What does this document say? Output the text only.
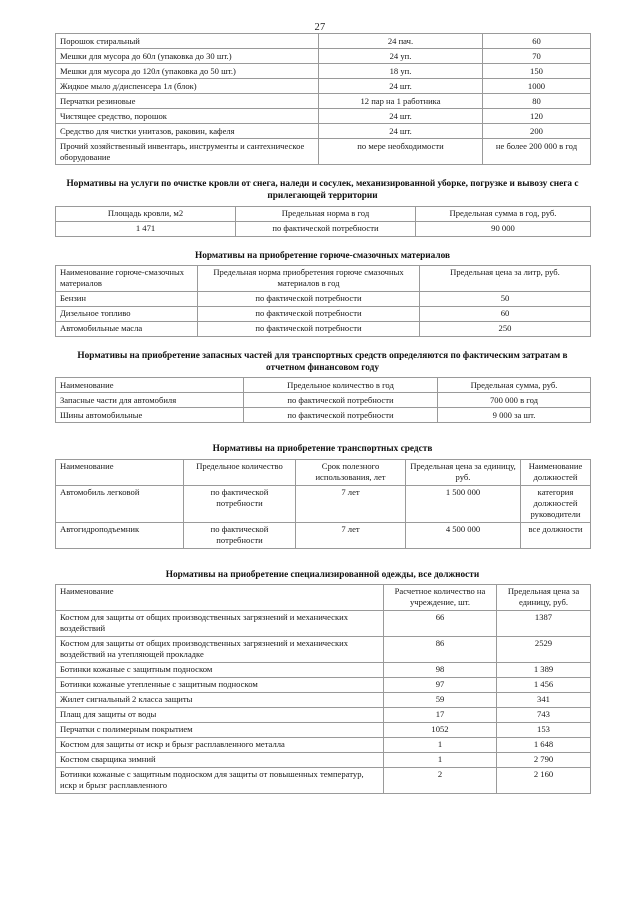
27
Порошок стиральный	24 пач.	60
Мешки для мусора до 60л (упаковка до 30 шт.)	24 уп.	70
Мешки для мусора до 120л (упаковка до 50 шт.)	18 уп.	150
Жидкое мыло д/диспенсера 1л (блок)	24 шт.	1000
Перчатки резиновые	12 пар на 1 работника	80
Чистящее средство, порошок	24 шт.	120
Средство для чистки унитазов, раковин, кафеля	24 шт.	200
Прочий хозяйственный инвентарь, инструменты и сантехническое оборудование	по мере необходимости	не более 200 000 в год
Нормативы на услуги по очистке кровли от снега, наледи и сосулек, механизированной уборке, погрузке и вывозу снега с прилегающей территории
Площадь кровли, м2	Предельная норма в год	Предельная сумма в год, руб.
1 471	по фактической потребности	90 000
Нормативы на приобретение горюче-смазочных материалов
Наименование горюче-смазочных материалов	Предельная норма приобретения горюче смазочных материалов в год	Предельная цена за литр, руб.
Бензин	по фактической потребности	50
Дизельное топливо	по фактической потребности	60
Автомобильные масла	по фактической потребности	250
Нормативы на приобретение запасных частей для транспортных средств определяются по фактическим затратам в отчетном финансовом году
Наименование	Предельное количество в год	Предельная сумма, руб.
Запасные части для автомобиля	по фактической потребности	700 000 в год
Шины автомобильные	по фактической потребности	9 000 за шт.
Нормативы на приобретение транспортных средств
Наименование	Предельное количество	Срок полезного использования, лет	Предельная цена за единицу, руб.	Наименование должностей
Автомобиль легковой	по фактической потребности	7 лет	1 500 000	категория должностей руководители
Автогидроподъемник	по фактической потребности	7 лет	4 500 000	все должности
Нормативы на приобретение специализированной одежды, все должности
Наименование	Расчетное количество на учреждение, шт.	Предельная цена за единицу, руб.
Костюм для защиты от общих производственных загрязнений и механических воздействий	66	1387
Костюм для защиты от общих производственных загрязнений и механических воздействий на утепляющей прокладке	86	2529
Ботинки кожаные с защитным подноском	98	1 389
Ботинки кожаные утепленные с защитным подноском	97	1 456
Жилет сигнальный 2 класса защиты	59	341
Плащ для защиты от воды	17	743
Перчатки с полимерным покрытием	1052	153
Костюм для защиты от искр и брызг расплавленного металла	1	1 648
Костюм сварщика зимний	1	2 790
Ботинки кожаные с защитным подноском для защиты от повышенных температур, искр и брызг расплавленного	2	2 160
